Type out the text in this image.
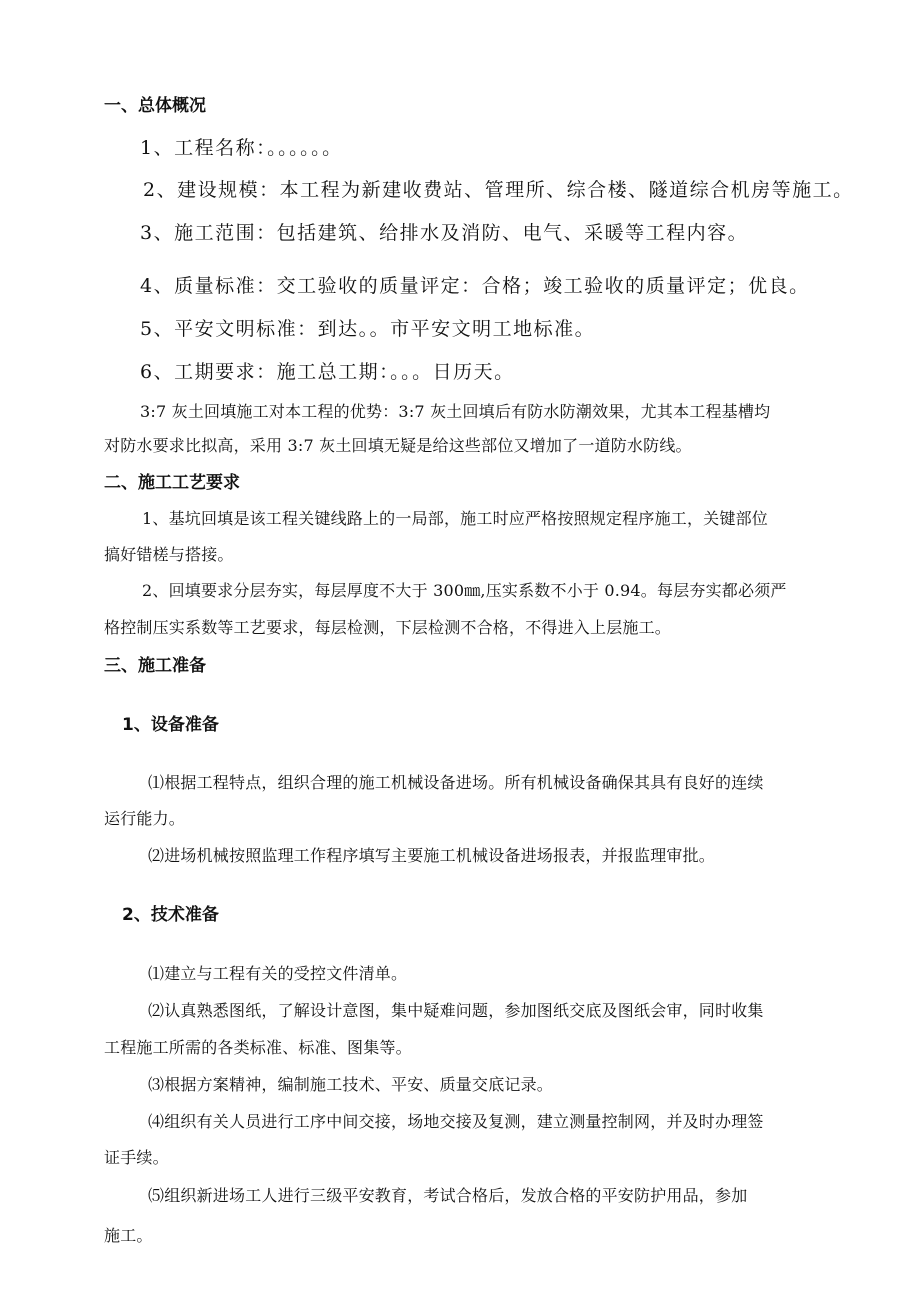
一、总体概况
1、工程名称：。。。。。。
2、建设规模：本工程为新建收费站、管理所、综合楼、隧道综合机房等施工。
3、施工范围：包括建筑、给排水及消防、电气、采暖等工程内容。
4、质量标准：交工验收的质量评定：合格；竣工验收的质量评定；优良。
5、平安文明标准：到达。。市平安文明工地标准。
6、工期要求：施工总工期：。。。日历天。
3:7 灰土回填施工对本工程的优势：3:7 灰土回填后有防水防潮效果，尤其本工程基槽均
对防水要求比拟高，采用 3:7 灰土回填无疑是给这些部位又增加了一道防水防线。
二、施工工艺要求
1、基坑回填是该工程关键线路上的一局部，施工时应严格按照规定程序施工，关键部位
搞好错槎与搭接。
2、回填要求分层夯实，每层厚度不大于 300㎜,压实系数不小于 0.94。每层夯实都必须严
格控制压实系数等工艺要求，每层检测，下层检测不合格，不得进入上层施工。
三、施工准备
1、设备准备
⑴根据工程特点，组织合理的施工机械设备进场。所有机械设备确保其具有良好的连续
运行能力。
⑵进场机械按照监理工作程序填写主要施工机械设备进场报表，并报监理审批。
2、技术准备
⑴建立与工程有关的受控文件清单。
⑵认真熟悉图纸，了解设计意图，集中疑难问题，参加图纸交底及图纸会审，同时收集
工程施工所需的各类标准、标准、图集等。
⑶根据方案精神，编制施工技术、平安、质量交底记录。
⑷组织有关人员进行工序中间交接，场地交接及复测，建立测量控制网，并及时办理签
证手续。
⑸组织新进场工人进行三级平安教育，考试合格后，发放合格的平安防护用品，参加
施工。
